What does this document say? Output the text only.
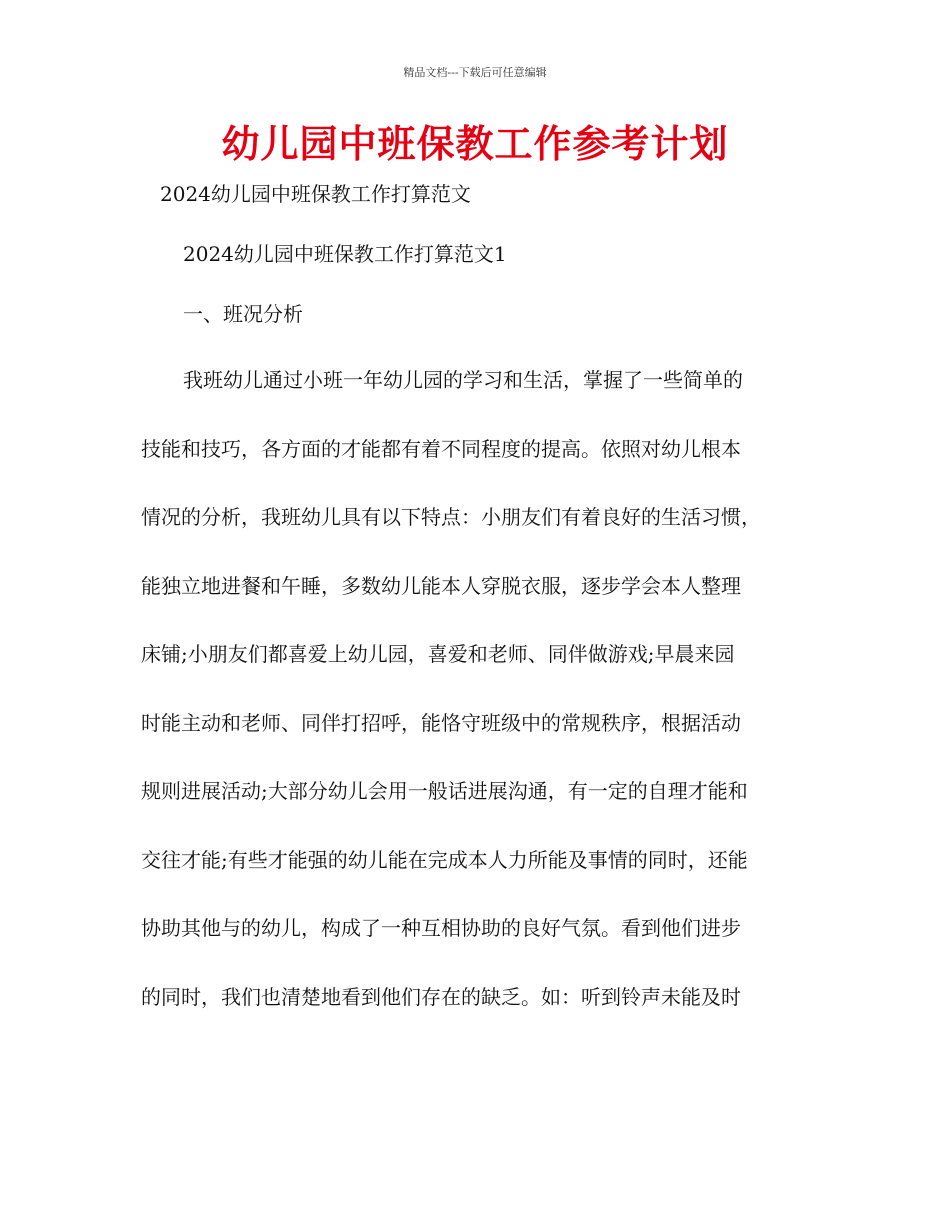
精品文档---下载后可任意编辑
幼儿园中班保教工作参考计划

2024幼儿园中班保教工作打算范文

2024幼儿园中班保教工作打算范文1

一、班况分析

我班幼儿通过小班一年幼儿园的学习和生活，掌握了一些简单的
技能和技巧，各方面的才能都有着不同程度的提高。依照对幼儿根本
情况的分析，我班幼儿具有以下特点：小朋友们有着良好的生活习惯，
能独立地进餐和午睡，多数幼儿能本人穿脱衣服，逐步学会本人整理
床铺;小朋友们都喜爱上幼儿园，喜爱和老师、同伴做游戏;早晨来园
时能主动和老师、同伴打招呼，能恪守班级中的常规秩序，根据活动
规则进展活动;大部分幼儿会用一般话进展沟通，有一定的自理才能和
交往才能;有些才能强的幼儿能在完成本人力所能及事情的同时，还能
协助其他与的幼儿，构成了一种互相协助的良好气氛。看到他们进步
的同时，我们也清楚地看到他们存在的缺乏。如：听到铃声未能及时
